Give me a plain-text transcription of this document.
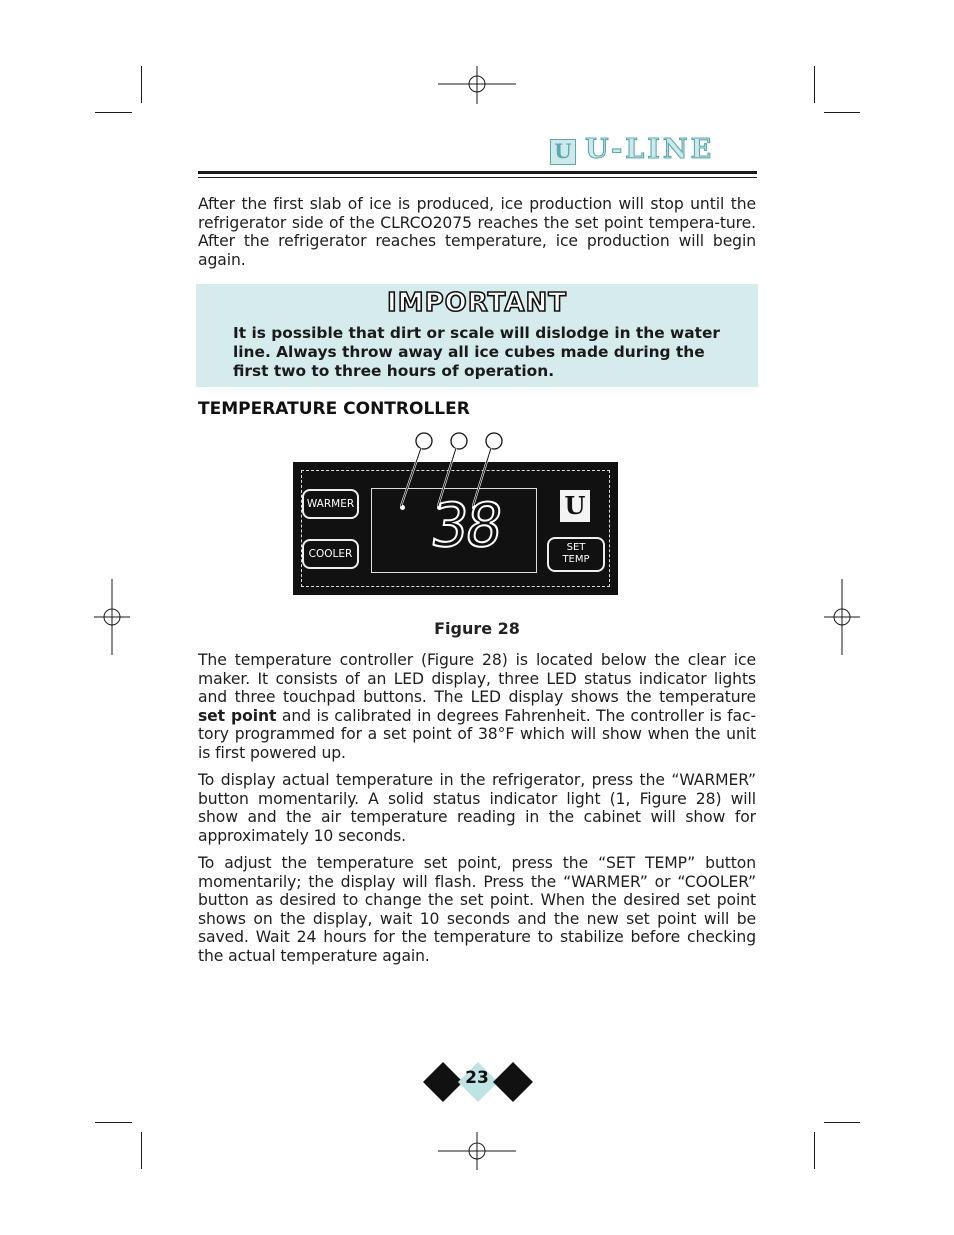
U U-LINE
After the first slab of ice is produced, ice production will stop until the refrigerator side of the CLRCO2075 reaches the set point tempera-ture. After the refrigerator reaches temperature, ice production will begin again.
IMPORTANT
It is possible that dirt or scale will dislodge in the water line. Always throw away all ice cubes made during the first two to three hours of operation.
TEMPERATURE CONTROLLER
WARMER
COOLER 38 U
SET
TEMP
Figure 28
The temperature controller (Figure 28) is located below the clear ice maker. It consists of an LED display, three LED status indicator lights and three touchpad buttons. The LED display shows the temperature set point and is calibrated in degrees Fahrenheit. The controller is fac-tory programmed for a set point of 38°F which will show when the unit is first powered up.
To display actual temperature in the refrigerator, press the “WARMER” button momentarily. A solid status indicator light (1, Figure 28) will show and the air temperature reading in the cabinet will show for approximately 10 seconds.
To adjust the temperature set point, press the “SET TEMP” button momentarily; the display will flash. Press the “WARMER” or “COOLER” button as desired to change the set point. When the desired set point shows on the display, wait 10 seconds and the new set point will be saved. Wait 24 hours for the temperature to stabilize before checking the actual temperature again.
23
